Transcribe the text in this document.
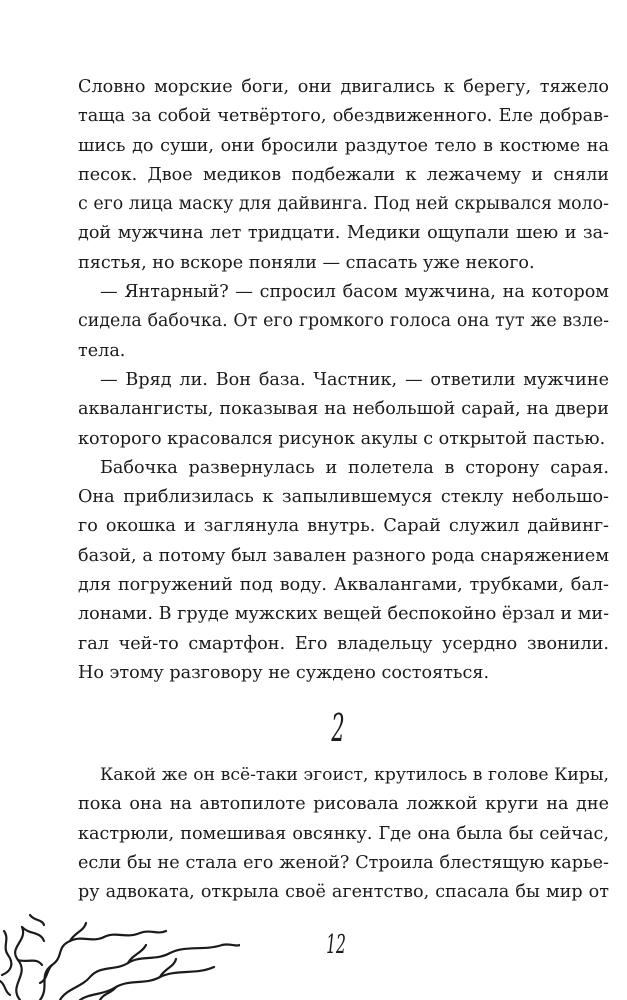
Словно морские боги, они двигались к берегу, тяжело
таща за собой четвёртого, обездвиженного. Еле добрав-
шись до суши, они бросили раздутое тело в костюме на
песок. Двое медиков подбежали к лежачему и сняли
с его лица маску для дайвинга. Под ней скрывался моло-
дой мужчина лет тридцати. Медики ощупали шею и за-
пястья, но вскоре поняли — спасать уже некого.
— Янтарный? — спросил басом мужчина, на котором
сидела бабочка. От его громкого голоса она тут же взле-
тела.
— Вряд ли. Вон база. Частник, — ответили мужчине
аквалангисты, показывая на небольшой сарай, на двери
которого красовался рисунок акулы с открытой пастью.
Бабочка развернулась и полетела в сторону сарая.
Она приблизилась к запылившемуся стеклу небольшо-
го окошка и заглянула внутрь. Сарай служил дайвинг-
базой, а потому был завален разного рода снаряжением
для погружений под воду. Аквалангами, трубками, бал-
лонами. В груде мужских вещей беспокойно ёрзал и ми-
гал чей-то смартфон. Его владельцу усердно звонили.
Но этому разговору не суждено состояться.
2
Какой же он всё-таки эгоист, крутилось в голове Киры,
пока она на автопилоте рисовала ложкой круги на дне
кастрюли, помешивая овсянку. Где она была бы сейчас,
если бы не стала его женой? Строила блестящую карье-
ру адвоката, открыла своё агентство, спасала бы мир от
12
